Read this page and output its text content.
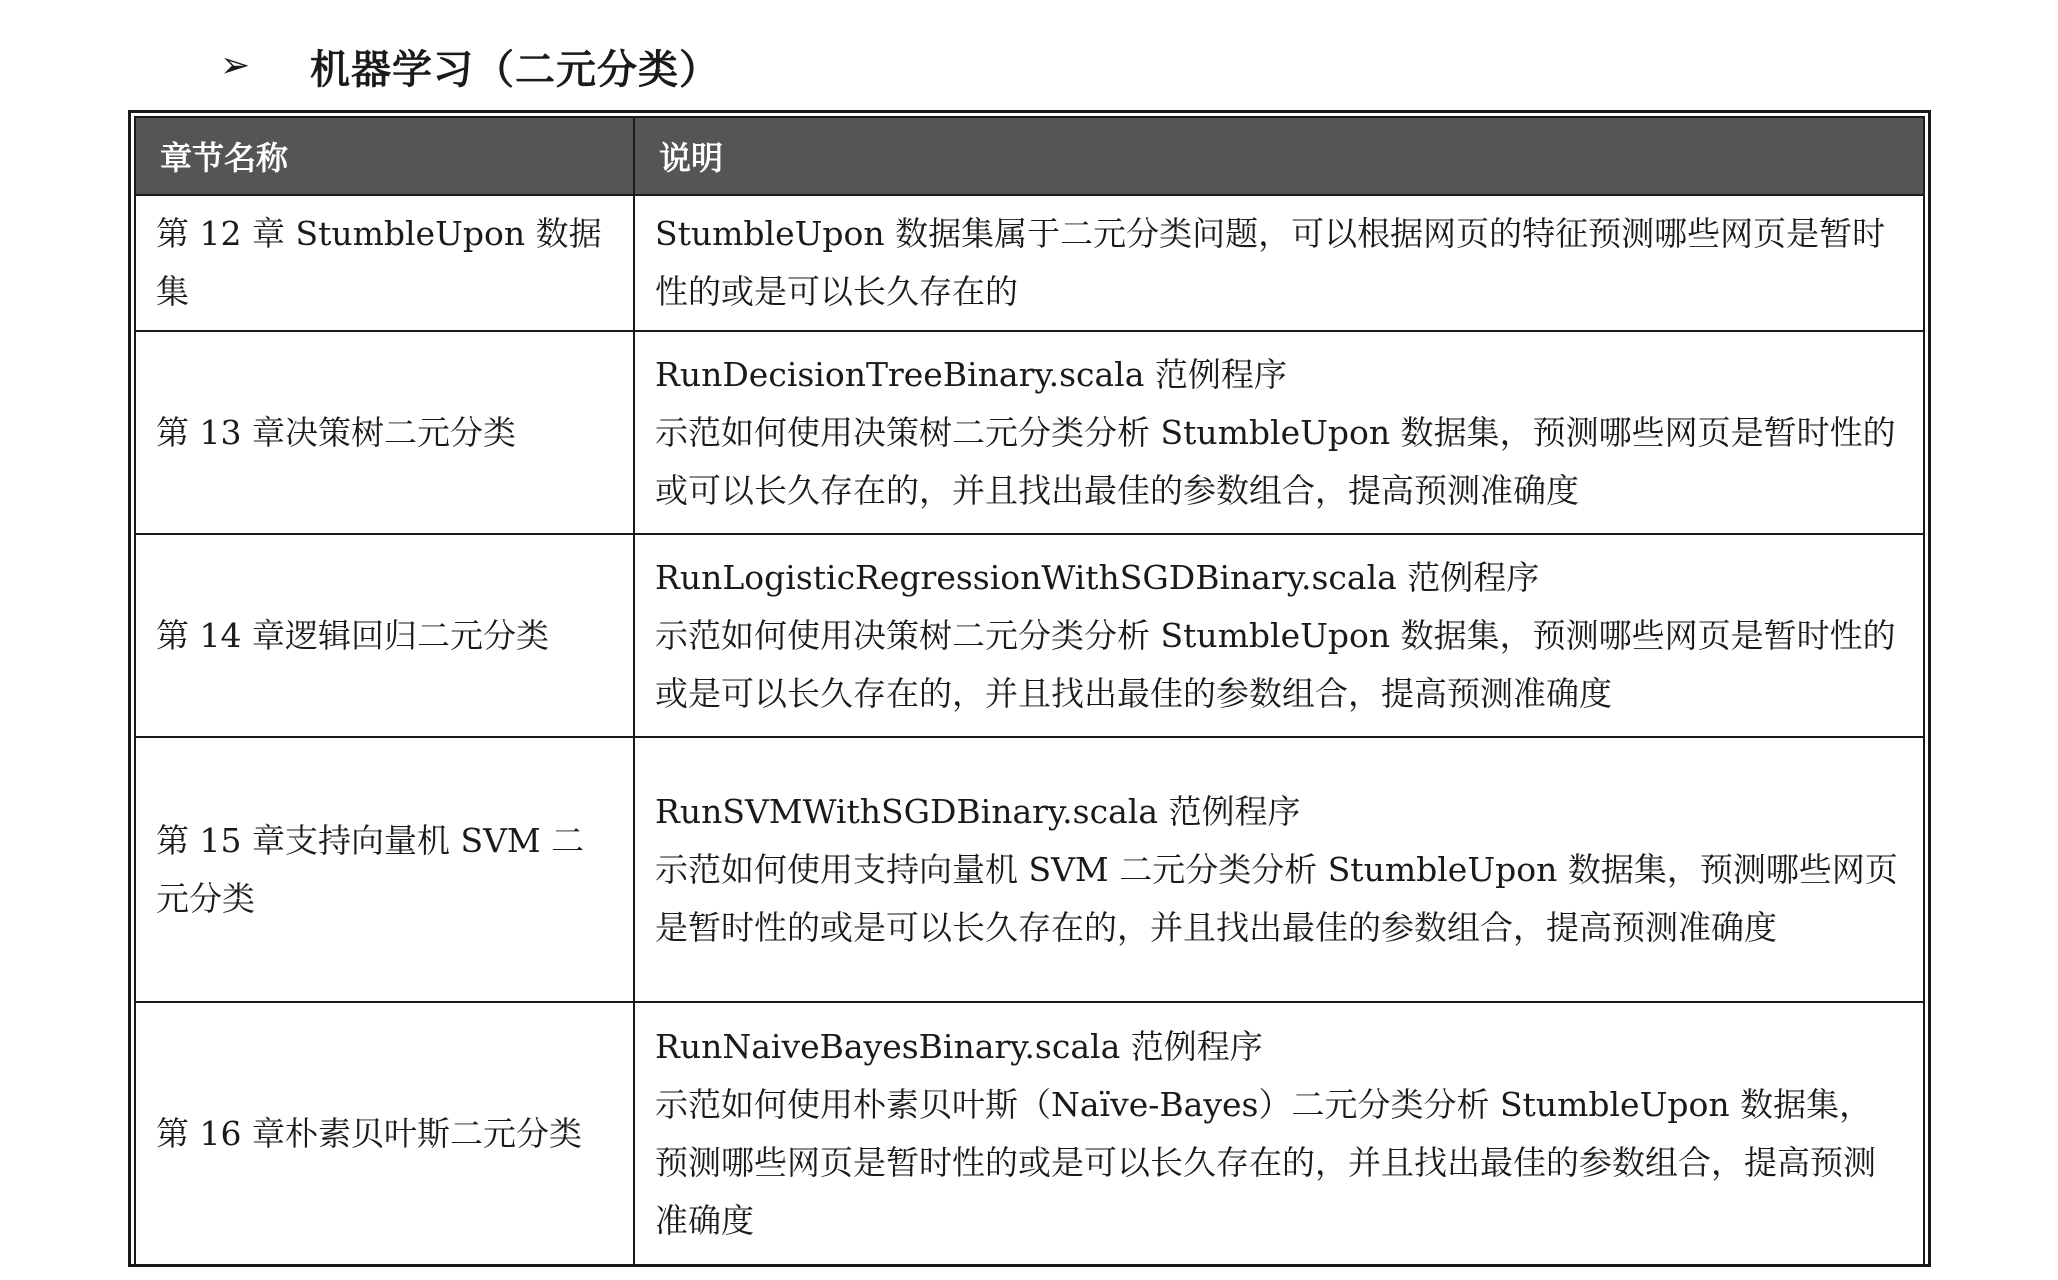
➢	机器学习（二元分类）
章节名称	说明
第 12 章 StumbleUpon 数据集	StumbleUpon 数据集属于二元分类问题，可以根据网页的特征预测哪些网页是暂时性的或是可以长久存在的

第 13 章决策树二元分类	RunDecisionTreeBinary.scala 范例程序
示范如何使用决策树二元分类分析 StumbleUpon 数据集，预测哪些网页是暂时性的或可以长久存在的，并且找出最佳的参数组合，提高预测准确度

第 14 章逻辑回归二元分类	RunLogisticRegressionWithSGDBinary.scala 范例程序
示范如何使用决策树二元分类分析 StumbleUpon 数据集，预测哪些网页是暂时性的或是可以长久存在的，并且找出最佳的参数组合，提高预测准确度

第 15 章支持向量机 SVM 二元分类	RunSVMWithSGDBinary.scala 范例程序
示范如何使用支持向量机 SVM 二元分类分析 StumbleUpon 数据集，预测哪些网页是暂时性的或是可以长久存在的，并且找出最佳的参数组合，提高预测准确度

第 16 章朴素贝叶斯二元分类	RunNaiveBayesBinary.scala 范例程序
示范如何使用朴素贝叶斯（Naïve-Bayes）二元分类分析 StumbleUpon 数据集，预测哪些网页是暂时性的或是可以长久存在的，并且找出最佳的参数组合，提高预测准确度
